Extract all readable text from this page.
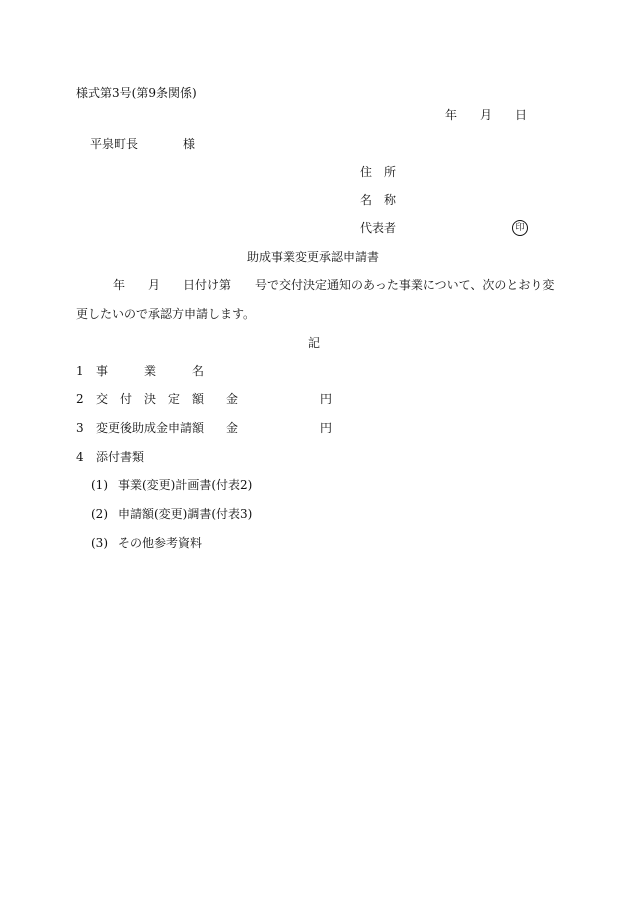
様式第3号(第9条関係)
年 月 日
平泉町長	様
住　所
名　称
代表者	印
助成事業変更承認申請書
年 月 日付け第 号で交付決定通知のあった事業について、次のとおり変
更したいので承認方申請します。
記
1 事　　　業　　　名
2 交　付　決　定　額 金	円
3 変更後助成金申請額 金	円
4 添付書類
(1) 事業(変更)計画書(付表2)
(2) 申請額(変更)調書(付表3)
(3) その他参考資料
